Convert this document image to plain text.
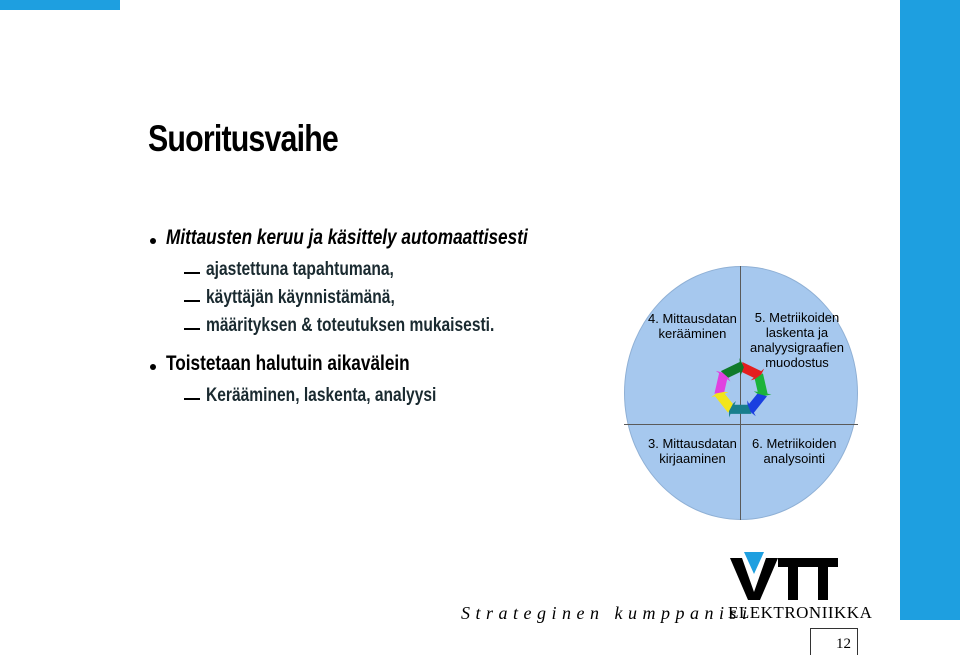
Suoritusvaihe
Mittausten keruu ja käsittely automaattisesti
ajastettuna tapahtumana,
käyttäjän käynnistämänä,
määrityksen & toteutuksen mukaisesti.
Toistetaan halutuin aikavälein
Kerääminen, laskenta, analyysi
4. Mittausdatan
kerääminen
5. Metriikoiden
laskenta ja
analyysigraafien
muodostus
3. Mittausdatan
kirjaaminen
6. Metriikoiden
analysointi
Strateginen kumppanisi
ELEKTRONIIKKA
12
